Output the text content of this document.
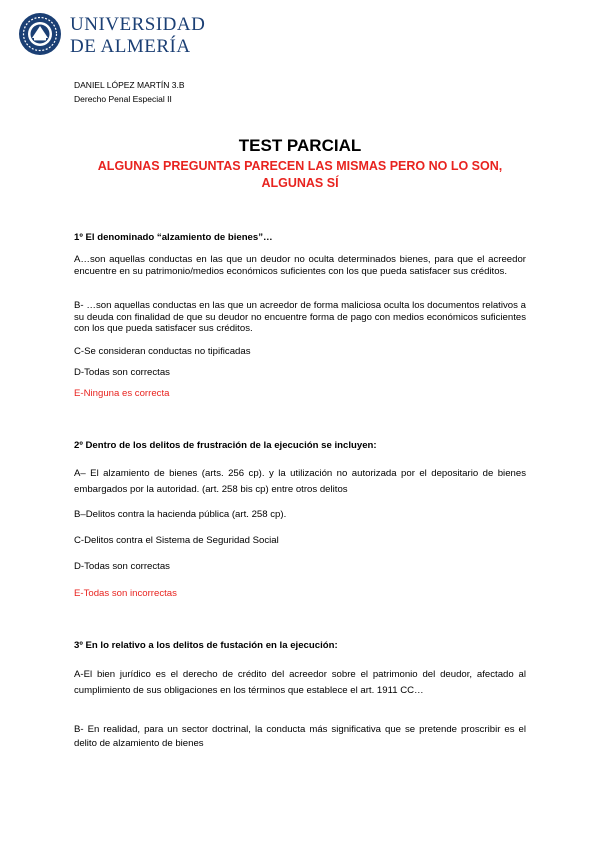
UNIVERSIDAD
DE ALMERÍA
DANIEL LÓPEZ MARTÍN 3.B
Derecho Penal Especial II
TEST PARCIAL
ALGUNAS PREGUNTAS PARECEN LAS MISMAS PERO NO LO SON, ALGUNAS SÍ
1º El denominado “alzamiento de bienes”…
A…son aquellas conductas en las que un deudor no oculta determinados bienes, para que el acreedor encuentre en su patrimonio/medios económicos suficientes con los que pueda satisfacer sus créditos.
B- …son aquellas conductas en las que un acreedor de forma maliciosa oculta los documentos relativos a su deuda con finalidad de que su deudor no encuentre forma de pago con medios económicos suficientes con los que pueda satisfacer sus créditos.
C-Se consideran conductas no tipificadas
D-Todas son correctas
E-Ninguna es correcta
2º Dentro de los delitos de frustración de la ejecución se incluyen:
A– El alzamiento de bienes (arts. 256 cp). y la utilización no autorizada por el depositario de bienes embargados por la autoridad. (art. 258 bis cp) entre otros delitos
B–Delitos contra la hacienda pública (art. 258 cp).
C-Delitos contra el Sistema de Seguridad Social
D-Todas son correctas
E-Todas son incorrectas
3º En lo relativo a los delitos de fustación en la ejecución:
A-El bien jurídico es el derecho de crédito del acreedor sobre el patrimonio del deudor, afectado al cumplimiento de sus obligaciones en los términos que establece el art. 1911 CC…
B- En realidad, para un sector doctrinal, la conducta más significativa que se pretende proscribir es el delito de alzamiento de bienes
